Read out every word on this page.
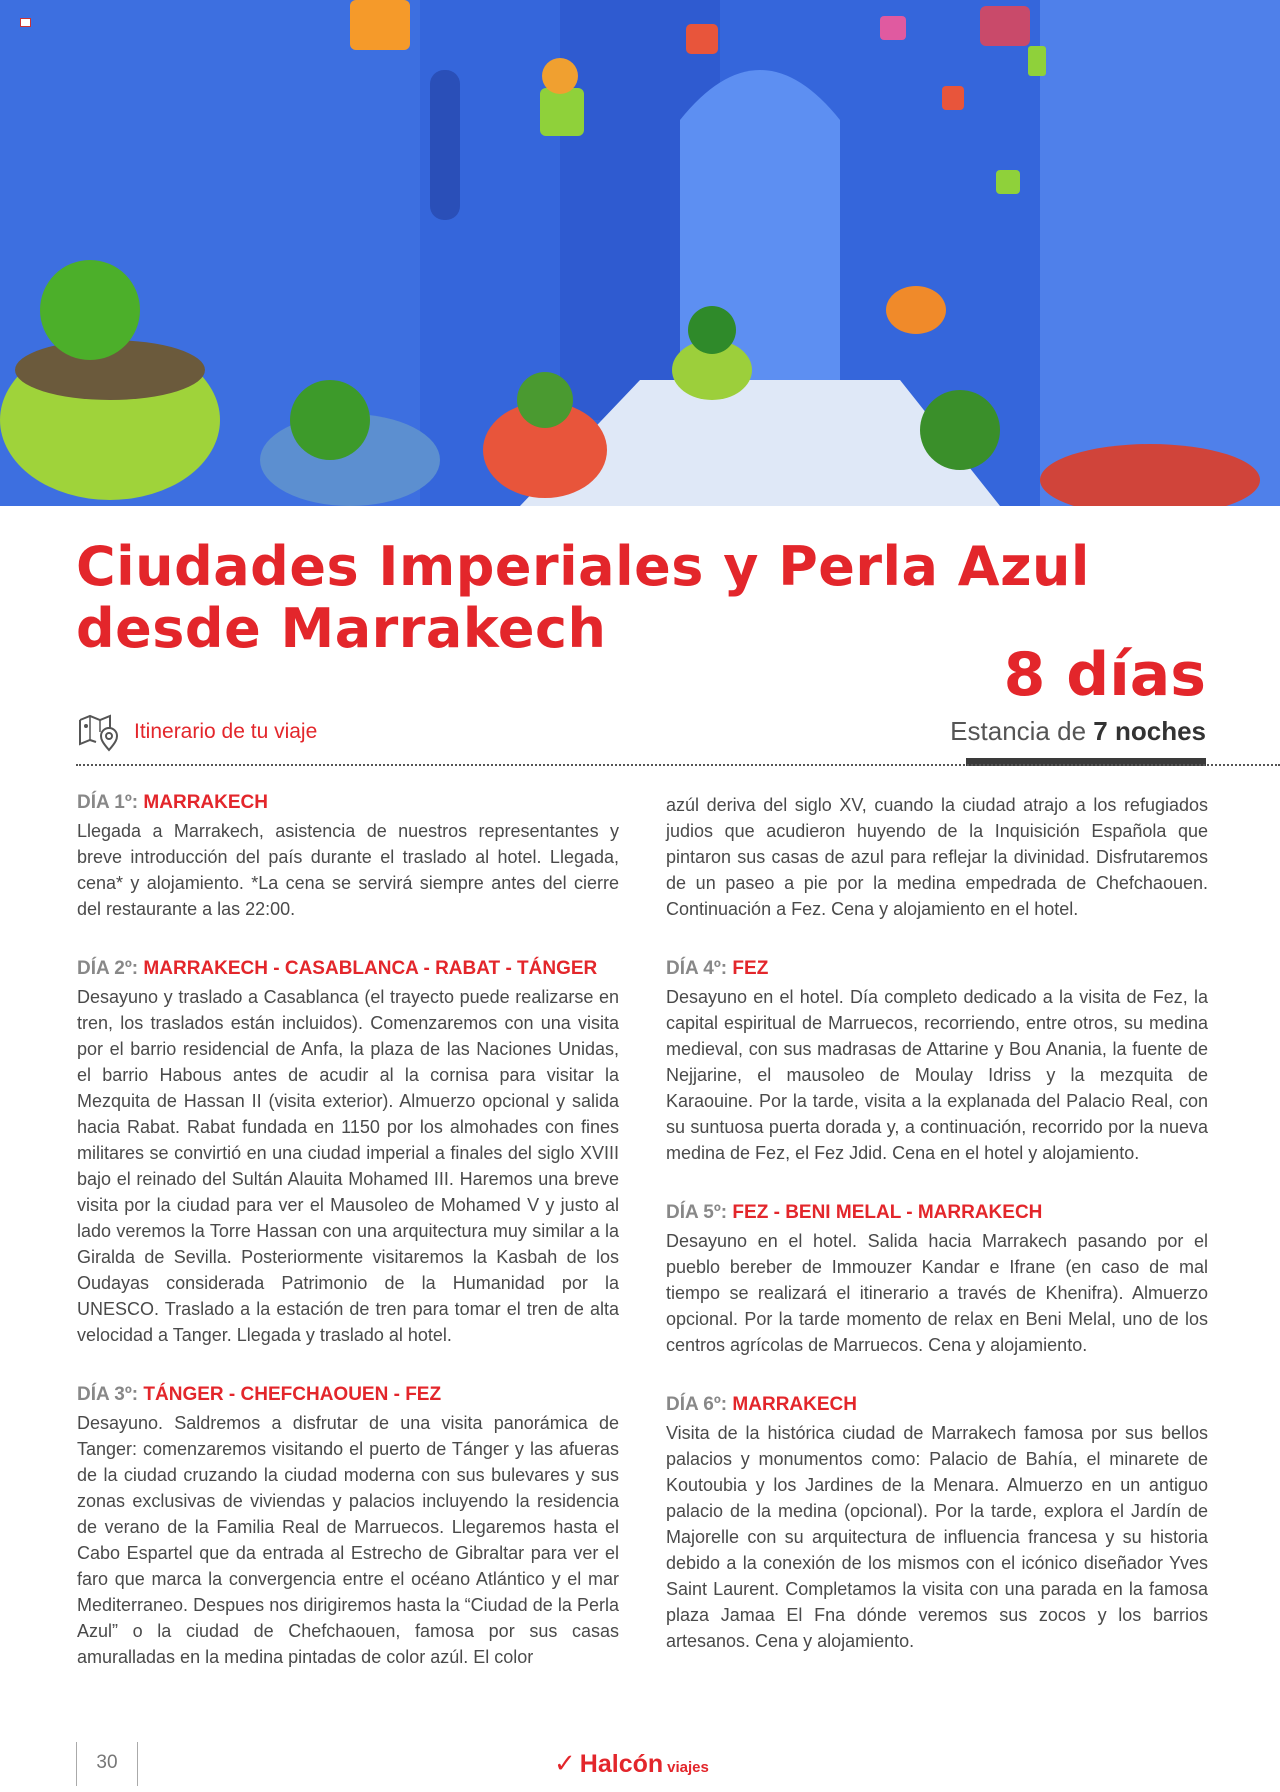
Ciudades Imperiales y Perla Azul
desde Marrakech
8 días
Estancia de 7 noches
Itinerario de tu viaje
DÍA 1º: MARRAKECH

Llegada a Marrakech, asistencia de nuestros representantes y breve introducción del país durante el traslado al hotel. Llegada, cena* y alojamiento. *La cena se servirá siempre antes del cierre del restaurante a las 22:00.

DÍA 2º: MARRAKECH - CASABLANCA - RABAT - TÁNGER

Desayuno y traslado a Casablanca (el trayecto puede realizarse en tren, los traslados están incluidos). Comenzaremos con una visita por el barrio residencial de Anfa, la plaza de las Naciones Unidas, el barrio Habous antes de acudir al la cornisa para visitar la Mezquita de Hassan II (visita exterior). Almuerzo opcional y salida hacia Rabat. Rabat fundada en 1150 por los almohades con fines militares se convirtió en una ciudad imperial a finales del siglo XVIII bajo el reinado del Sultán Alauita Mohamed III. Haremos una breve visita por la ciudad para ver el Mausoleo de Mohamed V y justo al lado veremos la Torre Hassan con una arquitectura muy similar a la Giralda de Sevilla. Posteriormente visitaremos la Kasbah de los Oudayas considerada Patrimonio de la Humanidad por la UNESCO. Traslado a la estación de tren para tomar el tren de alta velocidad a Tanger. Llegada y traslado al hotel.

DÍA 3º: TÁNGER - CHEFCHAOUEN - FEZ

Desayuno. Saldremos a disfrutar de una visita panorámica de Tanger: comenzaremos visitando el puerto de Tánger y las afueras de la ciudad cruzando la ciudad moderna con sus bulevares y sus zonas exclusivas de viviendas y palacios incluyendo la residencia de verano de la Familia Real de Marruecos. Llegaremos hasta el Cabo Espartel que da entrada al Estrecho de Gibraltar para ver el faro que marca la convergencia entre el océano Atlántico y el mar Mediterraneo. Despues nos dirigiremos hasta la “Ciudad de la Perla Azul” o la ciudad de Chefchaouen, famosa por sus casas amuralladas en la medina pintadas de color azúl. El color

azúl deriva del siglo XV, cuando la ciudad atrajo a los refugiados judios que acudieron huyendo de la Inquisición Española que pintaron sus casas de azul para reflejar la divinidad. Disfrutaremos de un paseo a pie por la medina empedrada de Chefchaouen. Continuación a Fez. Cena y alojamiento en el hotel.

DÍA 4º: FEZ

Desayuno en el hotel. Día completo dedicado a la visita de Fez, la capital espiritual de Marruecos, recorriendo, entre otros, su medina medieval, con sus madrasas de Attarine y Bou Anania, la fuente de Nejjarine, el mausoleo de Moulay Idriss y la mezquita de Karaouine. Por la tarde, visita a la explanada del Palacio Real, con su suntuosa puerta dorada y, a continuación, recorrido por la nueva medina de Fez, el Fez Jdid. Cena en el hotel y alojamiento.

DÍA 5º: FEZ - BENI MELAL - MARRAKECH

Desayuno en el hotel. Salida hacia Marrakech pasando por el pueblo bereber de Immouzer Kandar e Ifrane (en caso de mal tiempo se realizará el itinerario a través de Khenifra). Almuerzo opcional. Por la tarde momento de relax en Beni Melal, uno de los centros agrícolas de Marruecos. Cena y alojamiento.

DÍA 6º: MARRAKECH

Visita de la histórica ciudad de Marrakech famosa por sus bellos palacios y monumentos como: Palacio de Bahía, el minarete de Koutoubia y los Jardines de la Menara. Almuerzo en un antiguo palacio de la medina (opcional). Por la tarde, explora el Jardín de Majorelle con su arquitectura de influencia francesa y su historia debido a la conexión de los mismos con el icónico diseñador Yves Saint Laurent. Completamos la visita con una parada en la famosa plaza Jamaa El Fna dónde veremos sus zocos y los barrios artesanos. Cena y alojamiento.

30	✓ Halcón viajes
